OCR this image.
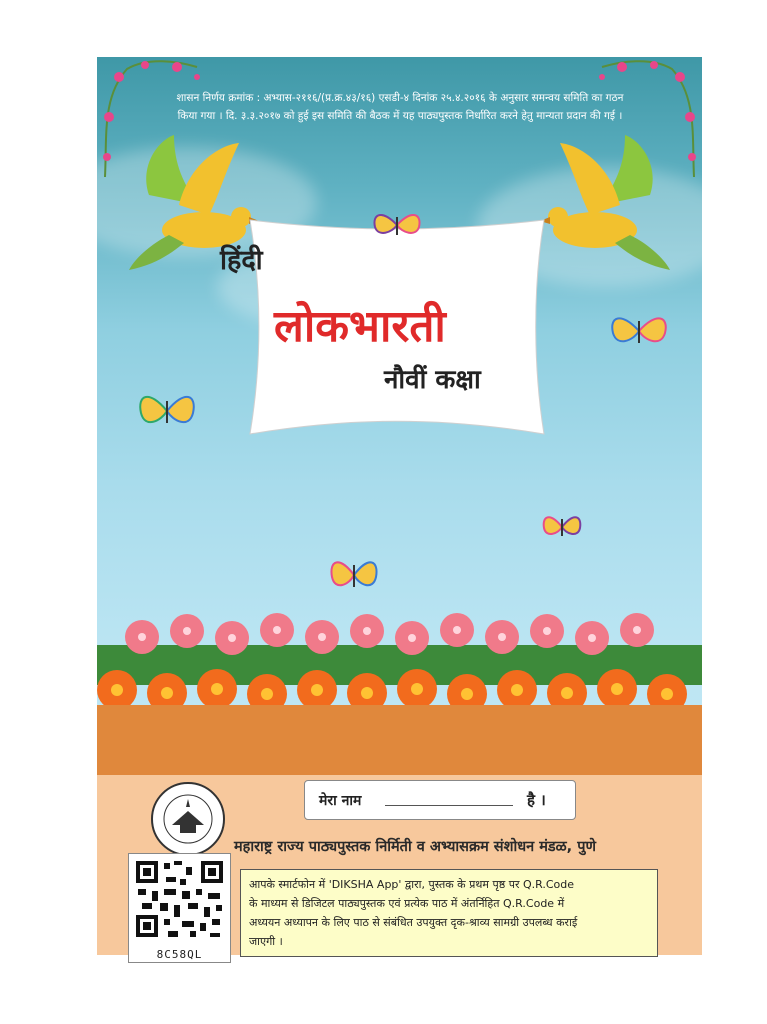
शासन निर्णय क्रमांक : अभ्यास-२११६/(प्र.क्र.४३/१६) एसडी-४ दिनांक २५.४.२०१६ के अनुसार समन्वय समिति का गठन
किया गया । दि. ३.३.२०१७ को हुई इस समिति की बैठक में यह पाठ्यपुस्तक निर्धारित करने हेतु मान्यता प्रदान की गई ।
हिंदी
लोकभारती
नौवीं कक्षा
मेरा नाम	है ।
महाराष्ट्र राज्य पाठ्यपुस्तक निर्मिती व अभ्यासक्रम संशोधन मंडळ, पुणे
8C58QL
आपके स्मार्टफोन में 'DIKSHA App' द्वारा, पुस्तक के प्रथम पृष्ठ पर Q.R.Code
के माध्यम से डिजिटल पाठ्यपुस्तक एवं प्रत्येक पाठ में अंतर्निहित Q.R.Code में
अध्ययन अध्यापन के लिए पाठ से संबंधित उपयुक्त दृक-श्राव्य सामग्री उपलब्ध कराई
जाएगी ।
